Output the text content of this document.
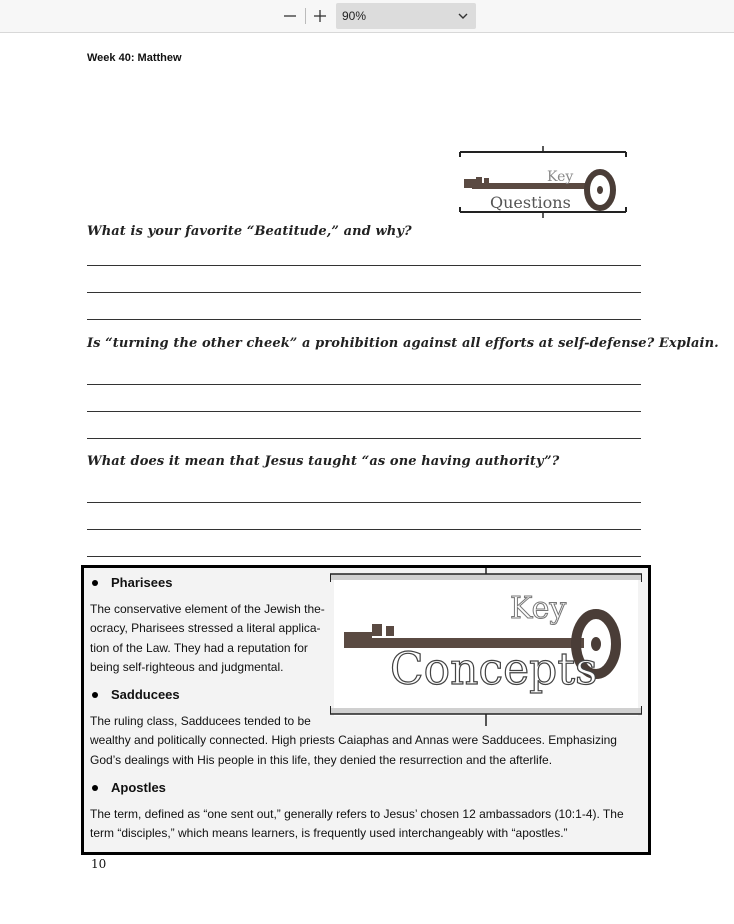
90%
Week 40: Matthew
Key
Questions
What is your favorite “Beatitude,” and why?
Is “turning the other cheek” a prohibition against all efforts at self-defense? Explain.
What does it mean that Jesus taught “as one having authority”?
Key
Concepts
Pharisees
The conservative element of the Jewish the-
ocracy, Pharisees stressed a literal applica-
tion of the Law. They had a reputation for
being self-righteous and judgmental.
Sadducees
The ruling class, Sadducees tended to be
wealthy and politically connected. High priests Caiaphas and Annas were Sadducees. Emphasizing
God’s dealings with His people in this life, they denied the resurrection and the afterlife.
Apostles
The term, defined as “one sent out,” generally refers to Jesus’ chosen 12 ambassadors (10:1-4). The
term “disciples,” which means learners, is frequently used interchangeably with “apostles.”
10
